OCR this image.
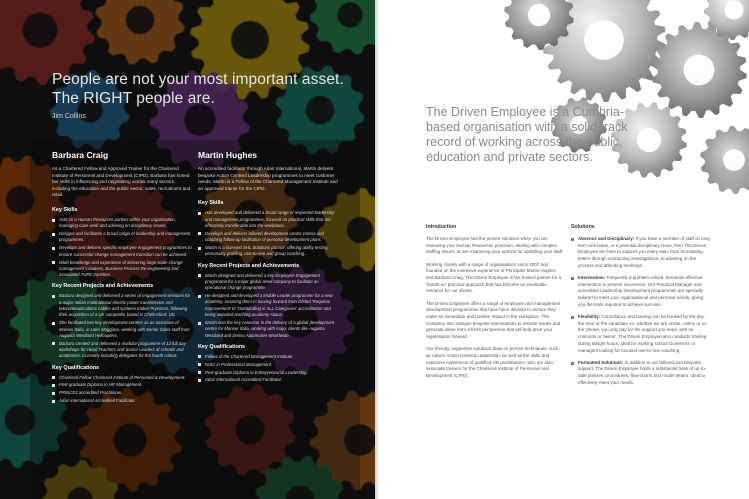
People are not your most important asset. The RIGHT people are.
Jim Collins
Barbara Craig
As a Chartered Fellow and Approved Trainer for the Chartered Institute of Personnel and Development (CIPD), Barbara has honed her skills in influencing and negotiating across many sectors, including the education and the public sector, sales, recruitment and retail.
Key Skills
Acts as a Human Resources partner within your organisation, managing case work and advising on disciplinary issues.
Designs and facilitates a broad range of leadership and management programmes.
Develops and delivers specific employee engagement programmes to ensure successful change management transition can be achieved.
Wide knowledge and experience of delivering large scale change management initiatives, Business Process Re-engineering and associated TUPE transfers.
Key Recent Projects and Achievements
Barbara designed and delivered a series of engagement sessions for a major Italian multinational electric power transmission and telecommunications cables and systems maker Prysmian, following their acquisition of a UK competitor based in Chelmsford, UK.
She facilitated two key development centres as an associate of Manser Italia, in Lake Maggiore, working with Senior Sales staff from Augusta Westland Helicopters.
Barbara created and delivered a modular programme of 12 full day workshops for Head Teachers and Senior Leaders of schools and academies. Currently including delegates for the fourth cohort.
Key Qualifications
Chartered Fellow Chartered Institute of Personnel & Development.
Post-graduate Diploma in HR Management.
PRINCE2 accredited Practitioner.
Adair international Accredited Facilitator.
Martin Hughes
An accredited facilitator through Adair International, Martin delivers bespoke Action Centred Leadership programmes to meet customer needs. Martin is a Fellow of the Chartered Management Institute and an approved trainer for the CIPD.
Key Skills
Has developed and delivered a broad range of respected leadership and management programmes, focused on practical skills that are effectively transferable into the workplace.
Develops and delivers tailored development centre criteria and coaching follow-up facilitation of personal development plans.
Martin is a licensed SHL Solutions partner, offering ability testing, personality profiling, one-to-one and group coaching.
Key Recent Projects and Achievements
Martin designed and delivered a key Employee Engagement programme for a major global Steel company to facilitate an operational change programme.
He designed and developed a Middle Leader programme for a new academy, assisting them in moving forward from Ofsted 'Requires Improvement' to 'Outstanding in ALL Categories' accreditation and being awarded teaching academy status.
Martin was the key Assessor in the delivery of a global development centre for Manser Italia, working with major clients like Augusta Westland and Denso Automotive Worldwide.
Key Qualifications
Fellow of the Chartered Management Institute.
NISC in Professional Management.
Post-graduate Diploma in Entrepreneurial Leadership.
Adair International Accredited Facilitator.
The Driven Employee is a Cumbria-based organisation with a solid track record of working across the public, education and private sectors.
Introduction

The Driven Employee has the proven solutions when you are reviewing your Human Resources provision, dealing with complex staffing issues, or are examining your options for upskilling your staff.

Working closely with a range of organisations since 2007 and founded on the extensive experience of Principals Martin Hughes and Barbara Craig, The Driven Employee is the trusted partner for a 'hands-on' practical approach that has become an invaluable resource for our clients.

The Driven Employee offers a range of employee and management development programmes that have been devised to ensure they make an immediate and positive impact in the workplace. The Company also designs bespoke interventions to resolve issues and generate ideas from a fresh perspective that will help drive your organisation forward.

Our friendly, supportive solutions draw on proven techniques, such as Adair's Action Centred Leadership, as well as the skills and extensive experience of qualified HR practitioners, who are also associate trainers for the Chartered Institute of Personnel and Development (CIPD).

Solutions
Absence and Disciplinary: If you have a member of staff on long term sick leave, or a potential disciplinary issue, then The Driven Employee are here to support you every step, from formulating letters through conducting investigations, to advising on the process and attending meetings.
Intervention: Frequently a problem solved, demands effective intervention to prevent recurrence. Our Practical Manager and accredited Leadership Development programmes are specially tailored to meet your organisational and personal needs, giving you the tools required to achieve success.
Flexibility: Consultancy and training can be booked by the day, the hour or the candidate so, whether we are onsite, online or on the 'phone, you only pay for the support you need, with no contracts or 'twims'. The Driven Employee also conducts training during twilight hours, ideal for working school Governors or managers looking for focused one-to-one coaching.
Formatted Solutions: In addition to our tailored and bespoke support, The Driven Employee holds a substantial bank of up-to-date policies, procedures, flow-charts and model letters, ideal to effectively meet your needs.
